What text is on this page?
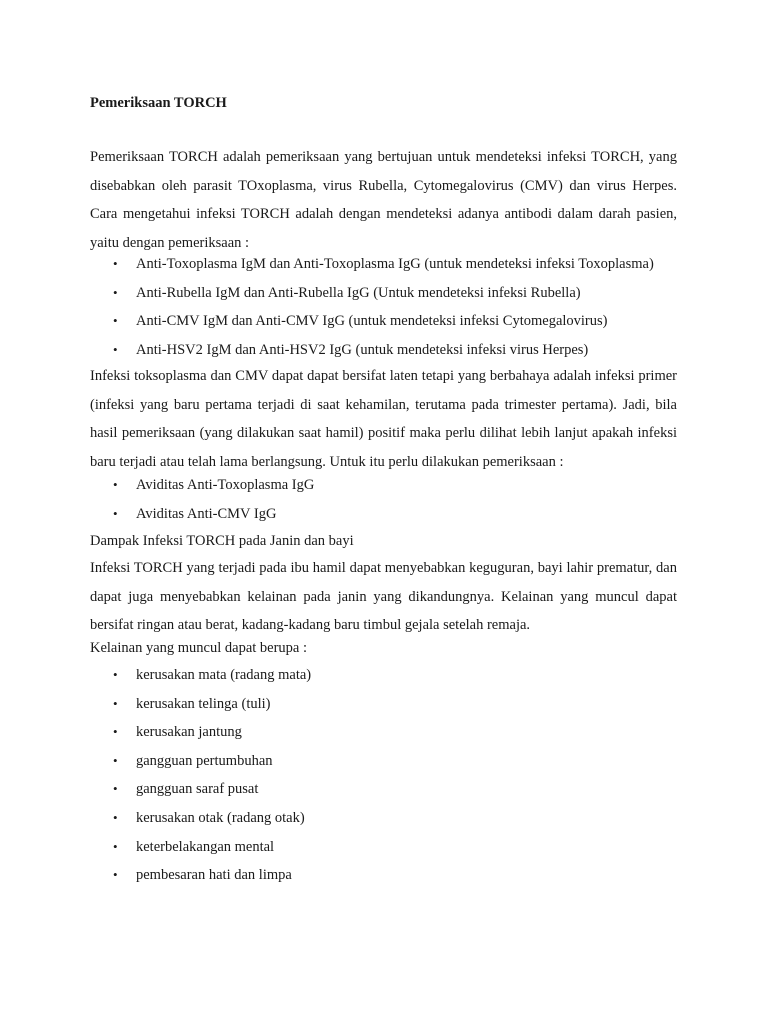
Pemeriksaan TORCH

Pemeriksaan TORCH adalah pemeriksaan yang bertujuan untuk mendeteksi infeksi TORCH, yang disebabkan oleh parasit TOxoplasma, virus Rubella, Cytomegalovirus (CMV) dan virus Herpes. Cara mengetahui infeksi TORCH adalah dengan mendeteksi adanya antibodi dalam darah pasien, yaitu dengan pemeriksaan :

• Anti-Toxoplasma IgM dan Anti-Toxoplasma IgG (untuk mendeteksi infeksi Toxoplasma)
• Anti-Rubella IgM dan Anti-Rubella IgG (Untuk mendeteksi infeksi Rubella)
• Anti-CMV IgM dan Anti-CMV IgG (untuk mendeteksi infeksi Cytomegalovirus)
• Anti-HSV2 IgM dan Anti-HSV2 IgG (untuk mendeteksi infeksi virus Herpes)

Infeksi toksoplasma dan CMV dapat dapat bersifat laten tetapi yang berbahaya adalah infeksi primer (infeksi yang baru pertama terjadi di saat kehamilan, terutama pada trimester pertama). Jadi, bila hasil pemeriksaan (yang dilakukan saat hamil) positif maka perlu dilihat lebih lanjut apakah infeksi baru terjadi atau telah lama berlangsung. Untuk itu perlu dilakukan pemeriksaan :

• Aviditas Anti-Toxoplasma IgG
• Aviditas Anti-CMV IgG
Dampak Infeksi TORCH pada Janin dan bayi

Infeksi TORCH yang terjadi pada ibu hamil dapat menyebabkan keguguran, bayi lahir prematur, dan dapat juga menyebabkan kelainan pada janin yang dikandungnya. Kelainan yang muncul dapat bersifat ringan atau berat, kadang-kadang baru timbul gejala setelah remaja.

Kelainan yang muncul dapat berupa :
• kerusakan mata (radang mata)
• kerusakan telinga (tuli)
• kerusakan jantung
• gangguan pertumbuhan
• gangguan saraf pusat
• kerusakan otak (radang otak)
• keterbelakangan mental
• pembesaran hati dan limpa
